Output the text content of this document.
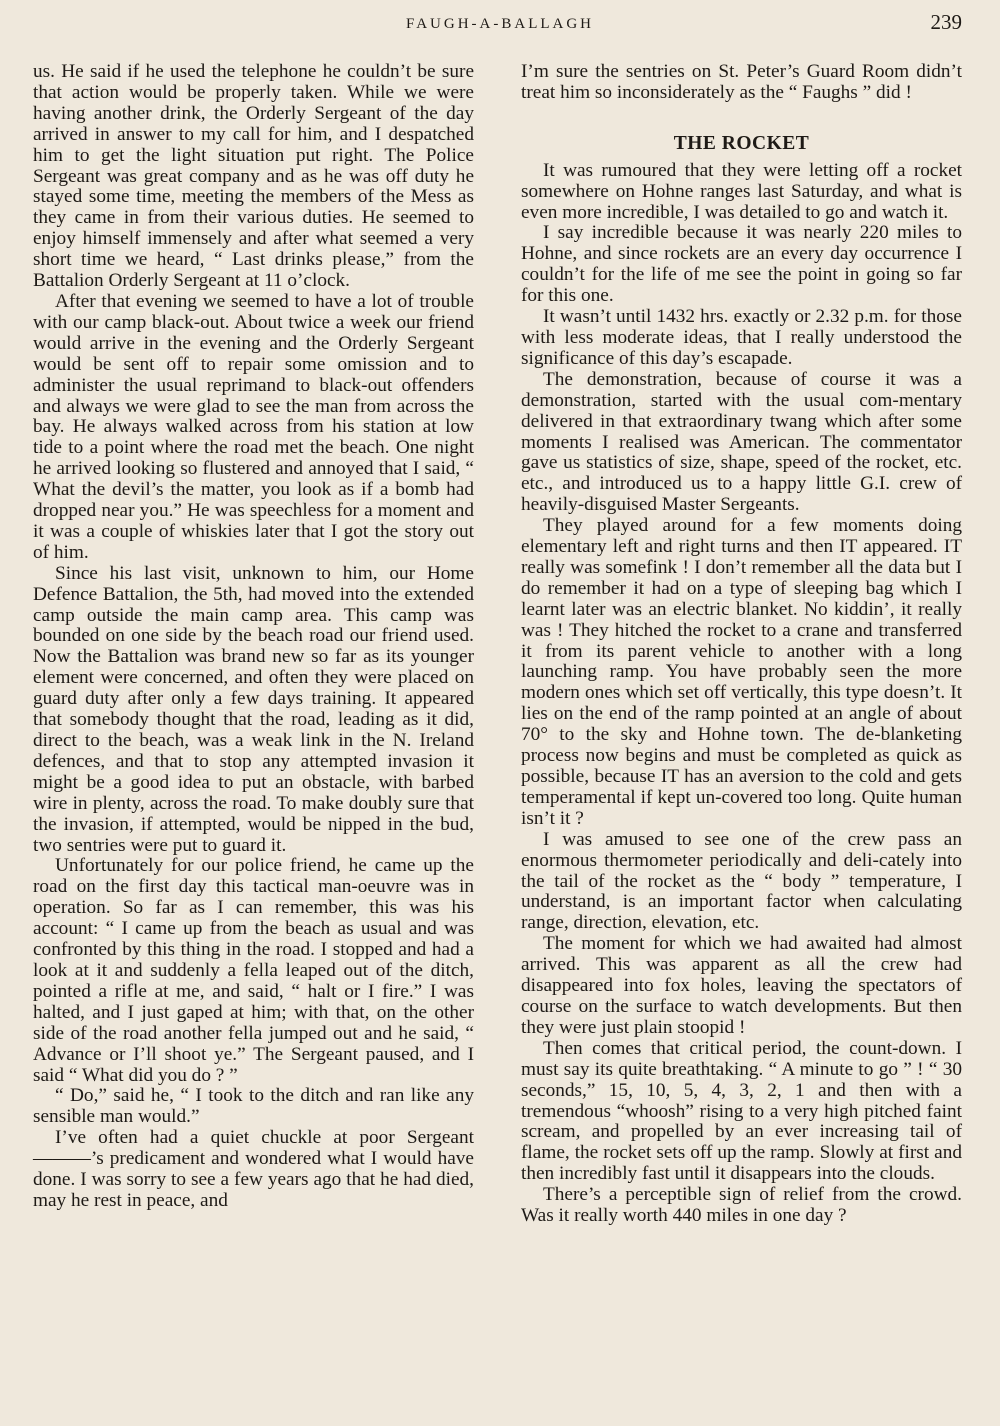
FAUGH-A-BALLAGH	239

us. He said if he used the telephone he couldn’t be sure that action would be properly taken. While we were having another drink, the Orderly Sergeant of the day arrived in answer to my call for him, and I despatched him to get the light situation put right. The Police Sergeant was great company and as he was off duty he stayed some time, meeting the members of the Mess as they came in from their various duties. He seemed to enjoy himself immensely and after what seemed a very short time we heard, “ Last drinks please,” from the Battalion Orderly Sergeant at 11 o’clock.

After that evening we seemed to have a lot of trouble with our camp black-out. About twice a week our friend would arrive in the evening and the Orderly Sergeant would be sent off to repair some omission and to administer the usual reprimand to black-out offenders and always we were glad to see the man from across the bay. He always walked across from his station at low tide to a point where the road met the beach. One night he arrived looking so flustered and annoyed that I said, “ What the devil’s the matter, you look as if a bomb had dropped near you.” He was speechless for a moment and it was a couple of whiskies later that I got the story out of him.

Since his last visit, unknown to him, our Home Defence Battalion, the 5th, had moved into the extended camp outside the main camp area. This camp was bounded on one side by the beach road our friend used. Now the Battalion was brand new so far as its younger element were concerned, and often they were placed on guard duty after only a few days training. It appeared that somebody thought that the road, leading as it did, direct to the beach, was a weak link in the N. Ireland defences, and that to stop any attempted invasion it might be a good idea to put an obstacle, with barbed wire in plenty, across the road. To make doubly sure that the invasion, if attempted, would be nipped in the bud, two sentries were put to guard it.

Unfortunately for our police friend, he came up the road on the first day this tactical man-oeuvre was in operation. So far as I can remember, this was his account: “ I came up from the beach as usual and was confronted by this thing in the road. I stopped and had a look at it and suddenly a fella leaped out of the ditch, pointed a rifle at me, and said, “ halt or I fire.” I was halted, and I just gaped at him; with that, on the other side of the road another fella jumped out and he said, “ Advance or I’ll shoot ye.” The Sergeant paused, and I said “ What did you do ? ”

“ Do,” said he, “ I took to the ditch and ran like any sensible man would.”

I’ve often had a quiet chuckle at poor Sergeant ———’s predicament and wondered what I would have done. I was sorry to see a few years ago that he had died, may he rest in peace, and

I’m sure the sentries on St. Peter’s Guard Room didn’t treat him so inconsiderately as the “ Faughs ” did !

THE ROCKET

It was rumoured that they were letting off a rocket somewhere on Hohne ranges last Saturday, and what is even more incredible, I was detailed to go and watch it.

I say incredible because it was nearly 220 miles to Hohne, and since rockets are an every day occurrence I couldn’t for the life of me see the point in going so far for this one.

It wasn’t until 1432 hrs. exactly or 2.32 p.m. for those with less moderate ideas, that I really understood the significance of this day’s escapade.

The demonstration, because of course it was a demonstration, started with the usual com-mentary delivered in that extraordinary twang which after some moments I realised was American. The commentator gave us statistics of size, shape, speed of the rocket, etc. etc., and introduced us to a happy little G.I. crew of heavily-disguised Master Sergeants.

They played around for a few moments doing elementary left and right turns and then IT appeared. IT really was somefink ! I don’t remember all the data but I do remember it had on a type of sleeping bag which I learnt later was an electric blanket. No kiddin’, it really was ! They hitched the rocket to a crane and transferred it from its parent vehicle to another with a long launching ramp. You have probably seen the more modern ones which set off vertically, this type doesn’t. It lies on the end of the ramp pointed at an angle of about 70° to the sky and Hohne town. The de-blanketing process now begins and must be completed as quick as possible, because IT has an aversion to the cold and gets temperamental if kept un-covered too long. Quite human isn’t it ?

I was amused to see one of the crew pass an enormous thermometer periodically and deli-cately into the tail of the rocket as the “ body ” temperature, I understand, is an important factor when calculating range, direction, elevation, etc.

The moment for which we had awaited had almost arrived. This was apparent as all the crew had disappeared into fox holes, leaving the spectators of course on the surface to watch developments. But then they were just plain stoopid !

Then comes that critical period, the count-down. I must say its quite breathtaking. “ A minute to go ” ! “ 30 seconds,” 15, 10, 5, 4, 3, 2, 1 and then with a tremendous “whoosh” rising to a very high pitched faint scream, and propelled by an ever increasing tail of flame, the rocket sets off up the ramp. Slowly at first and then incredibly fast until it disappears into the clouds.

There’s a perceptible sign of relief from the crowd. Was it really worth 440 miles in one day ?
